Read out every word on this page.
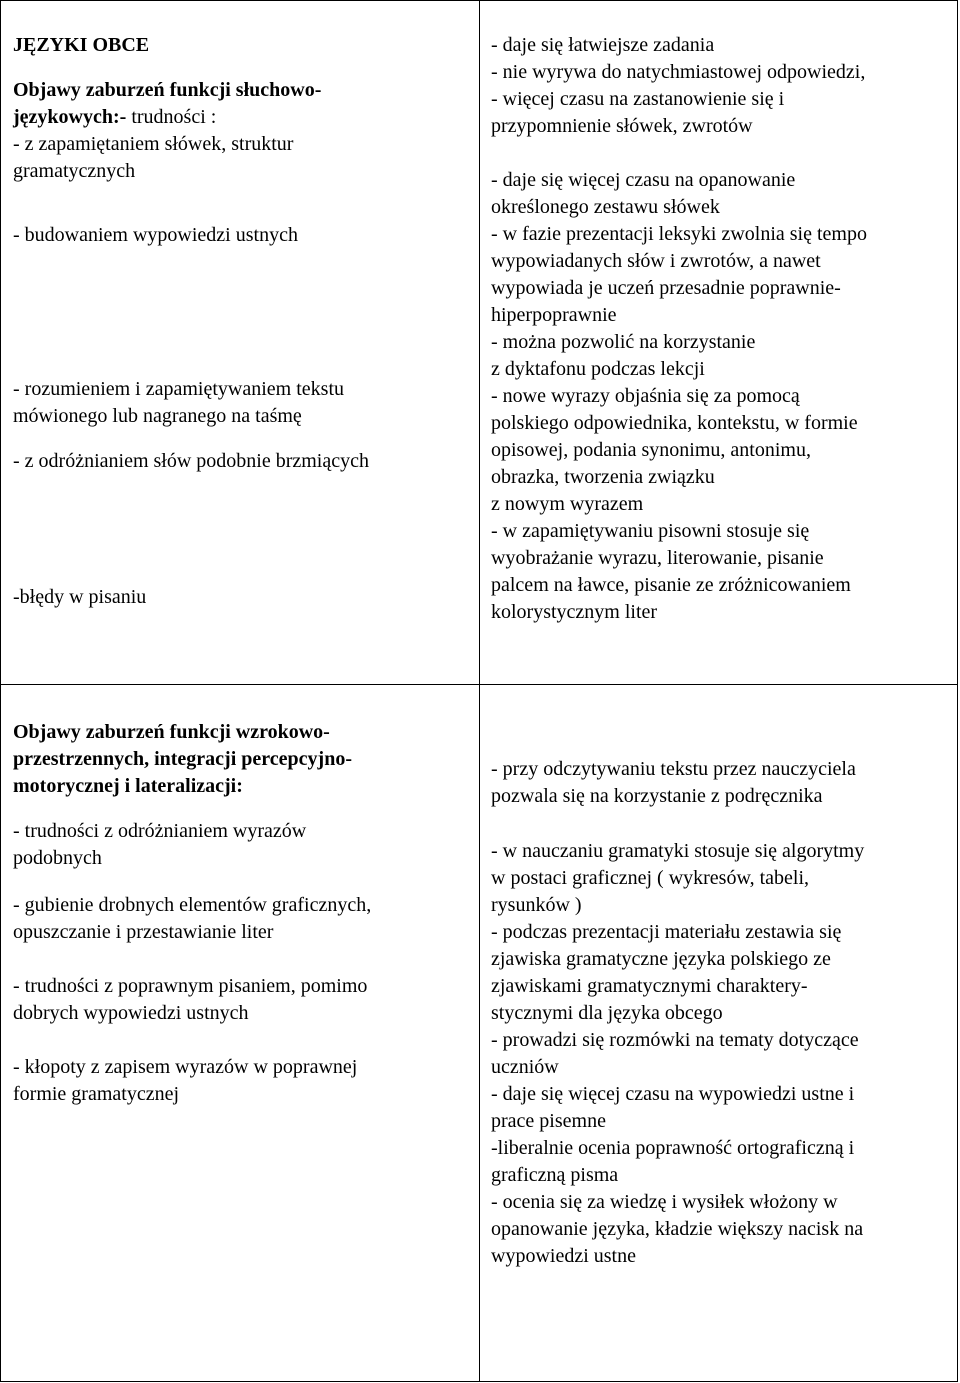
JĘZYKI OBCE
Objawy zaburzeń funkcji słuchowo-
językowych:- trudności :
- z zapamiętaniem słówek, struktur
gramatycznych
- budowaniem wypowiedzi ustnych
- rozumieniem i zapamiętywaniem tekstu
mówionego lub nagranego na taśmę
- z odróżnianiem słów podobnie brzmiących
-błędy w pisaniu
- daje się łatwiejsze zadania
- nie wyrywa do natychmiastowej odpowiedzi,
- więcej czasu na zastanowienie się i
przypomnienie słówek, zwrotów
- daje się więcej czasu na opanowanie
określonego zestawu słówek
- w fazie prezentacji leksyki zwolnia się tempo
wypowiadanych słów i zwrotów, a nawet
wypowiada je uczeń przesadnie poprawnie-
hiperpoprawnie
- można pozwolić na korzystanie
z dyktafonu podczas lekcji
- nowe wyrazy objaśnia się za pomocą
polskiego odpowiednika, kontekstu, w formie
opisowej, podania synonimu, antonimu,
obrazka, tworzenia związku
z nowym wyrazem
- w zapamiętywaniu pisowni stosuje się
wyobrażanie wyrazu, literowanie, pisanie
palcem na ławce, pisanie ze zróżnicowaniem
kolorystycznym liter
Objawy zaburzeń funkcji wzrokowo-
przestrzennych, integracji percepcyjno-
motorycznej i lateralizacji:
- trudności z odróżnianiem wyrazów
podobnych
- gubienie drobnych elementów graficznych,
opuszczanie i przestawianie liter
- trudności z poprawnym pisaniem, pomimo
dobrych wypowiedzi ustnych
- kłopoty z zapisem wyrazów w poprawnej
formie gramatycznej
- przy odczytywaniu tekstu przez nauczyciela
pozwala się na korzystanie z podręcznika
- w nauczaniu gramatyki stosuje się algorytmy
w postaci graficznej ( wykresów, tabeli,
rysunków )
- podczas prezentacji materiału zestawia się
zjawiska gramatyczne języka polskiego ze
zjawiskami gramatycznymi charaktery-
stycznymi dla języka obcego
- prowadzi się rozmówki na tematy dotyczące
uczniów
- daje się więcej czasu na wypowiedzi ustne i
prace pisemne
-liberalnie ocenia poprawność ortograficzną i
graficzną pisma
- ocenia się za wiedzę i wysiłek włożony w
opanowanie języka, kładzie większy nacisk na
wypowiedzi ustne
